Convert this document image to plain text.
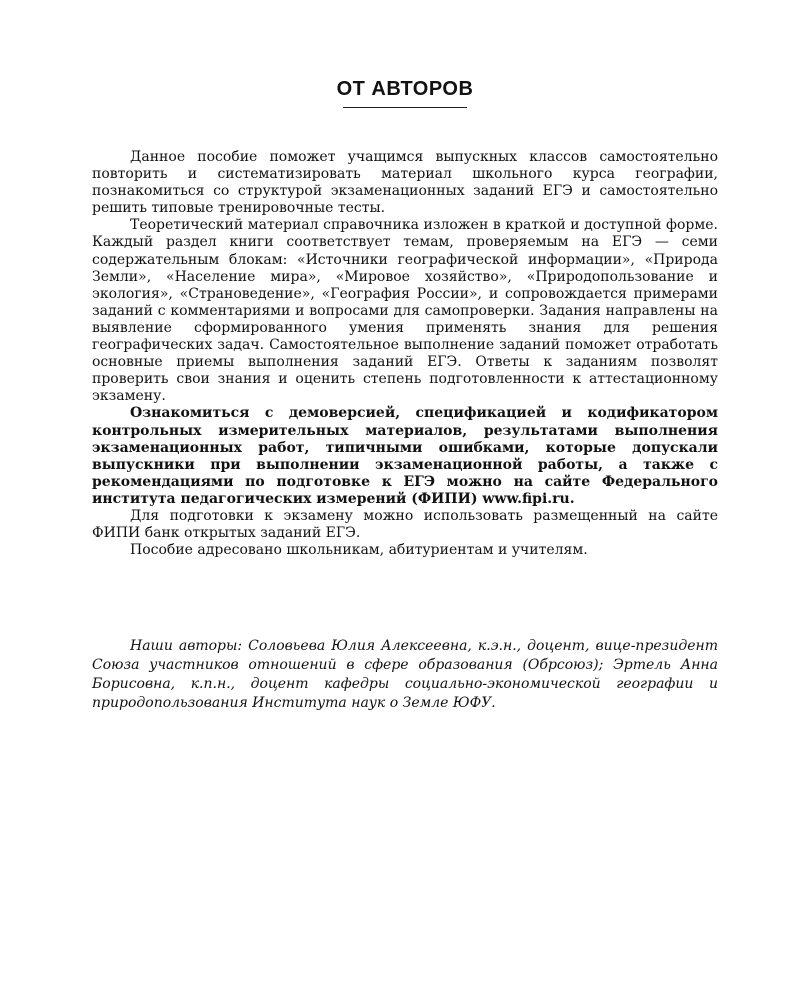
ОТ АВТОРОВ

Данное пособие поможет учащимся выпускных классов самостоятельно повторить и систематизировать материал школьного курса географии, познакомиться со структурой экзаменационных заданий ЕГЭ и самостоятельно решить типовые тренировочные тесты.

Теоретический материал справочника изложен в краткой и доступной форме. Каждый раздел книги соответствует темам, проверяемым на ЕГЭ — семи содержательным блокам: «Источники географической информации», «Природа Земли», «Население мира», «Мировое хозяйство», «Природопользование и экология», «Страноведение», «География России», и сопровождается примерами заданий с комментариями и вопросами для самопроверки. Задания направлены на выявление сформированного умения применять знания для решения географических задач. Самостоятельное выполнение заданий поможет отработать основные приемы выполнения заданий ЕГЭ. Ответы к заданиям позволят проверить свои знания и оценить степень подготовленности к аттестационному экзамену.

Ознакомиться с демоверсией, спецификацией и кодификатором контрольных измерительных материалов, результатами выполнения экзаменационных работ, типичными ошибками, которые допускали выпускники при выполнении экзаменационной работы, а также с рекомендациями по подготовке к ЕГЭ можно на сайте Федерального института педагогических измерений (ФИПИ) www.fipi.ru.

Для подготовки к экзамену можно использовать размещенный на сайте ФИПИ банк открытых заданий ЕГЭ.

Пособие адресовано школьникам, абитуриентам и учителям.

Наши авторы: Соловьева Юлия Алексеевна, к.э.н., доцент, вице-президент Союза участников отношений в сфере образования (Обрсоюз); Эртель Анна Борисовна, к.п.н., доцент кафедры социально-экономической географии и природопользования Института наук о Земле ЮФУ.
